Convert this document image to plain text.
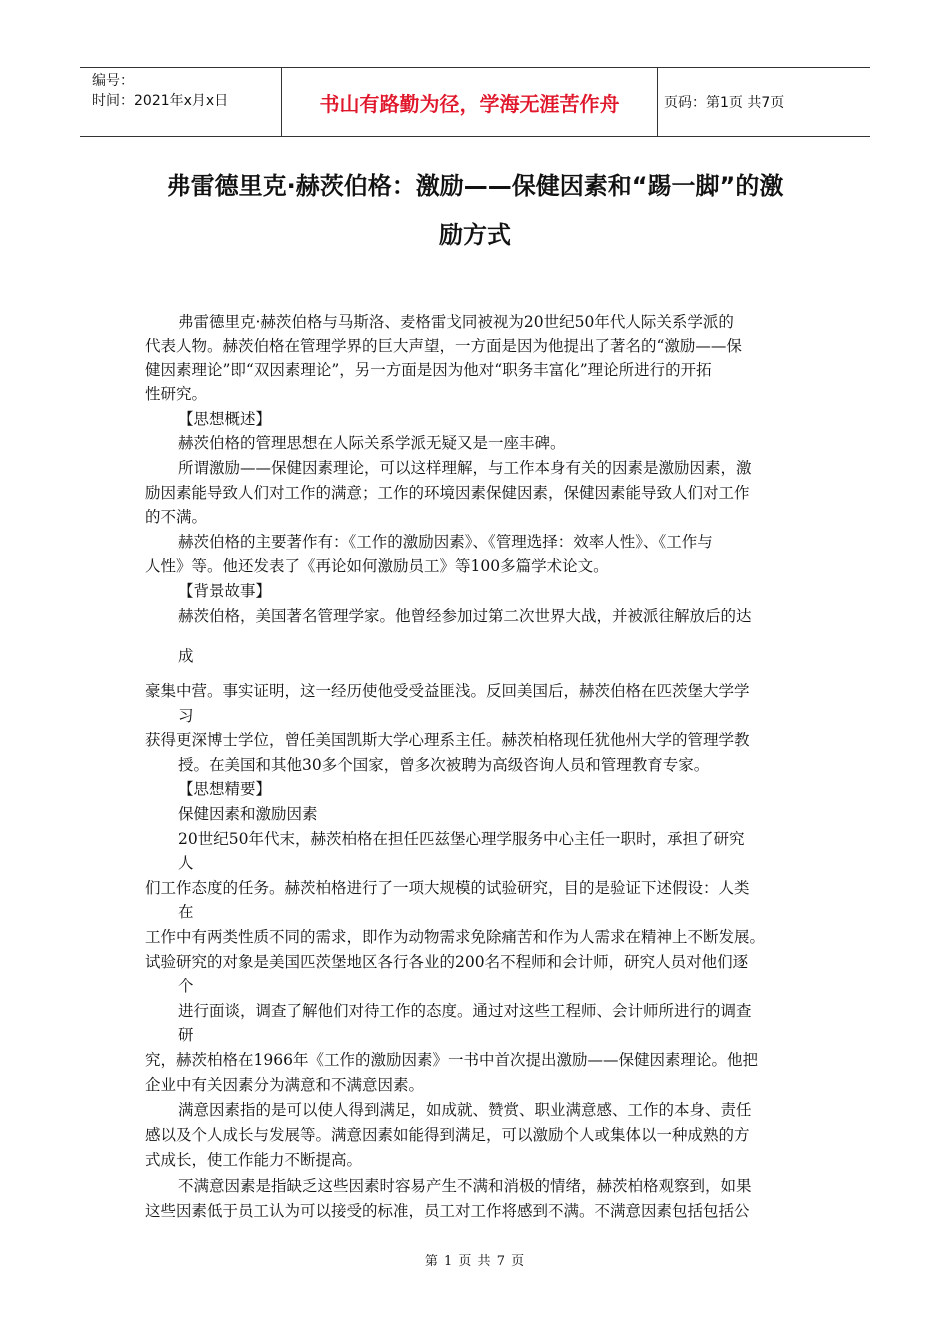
编号：
时间：2021年x月x日	书山有路勤为径，学海无涯苦作舟	页码：第1页 共7页
弗雷德里克·赫茨伯格：激励——保健因素和“踢一脚”的激
励方式
弗雷德里克·赫茨伯格与马斯洛、麦格雷戈同被视为20世纪50年代人际关系学派的
代表人物。赫茨伯格在管理学界的巨大声望，一方面是因为他提出了著名的“激励——保
健因素理论”即“双因素理论”，另一方面是因为他对“职务丰富化”理论所进行的开拓
性研究。
【思想概述】
赫茨伯格的管理思想在人际关系学派无疑又是一座丰碑。
所谓激励——保健因素理论，可以这样理解，与工作本身有关的因素是激励因素，激
励因素能导致人们对工作的满意；工作的环境因素保健因素，保健因素能导致人们对工作
的不满。
赫茨伯格的主要著作有：《工作的激励因素》、《管理选择：效率人性》、《工作与
人性》等。他还发表了《再论如何激励员工》等100多篇学术论文。
【背景故事】
赫茨伯格，美国著名管理学家。他曾经参加过第二次世界大战，并被派往解放后的达
成
豪集中营。事实证明，这一经历使他受受益匪浅。反回美国后，赫茨伯格在匹茨堡大学学
习
获得更深博士学位，曾任美国凯斯大学心理系主任。赫茨柏格现任犹他州大学的管理学教
授。在美国和其他30多个国家，曾多次被聘为高级咨询人员和管理教育专家。
【思想精要】
保健因素和激励因素
20世纪50年代末，赫茨柏格在担任匹兹堡心理学服务中心主任一职时，承担了研究
人
们工作态度的任务。赫茨柏格进行了一项大规模的试验研究，目的是验证下述假设：人类
在
工作中有两类性质不同的需求，即作为动物需求免除痛苦和作为人需求在精神上不断发展。
试验研究的对象是美国匹茨堡地区各行各业的200名不程师和会计师，研究人员对他们逐
个
进行面谈，调查了解他们对待工作的态度。通过对这些工程师、会计师所进行的调查
研
究，赫茨柏格在1966年《工作的激励因素》一书中首次提出激励——保健因素理论。他把
企业中有关因素分为满意和不满意因素。
满意因素指的是可以使人得到满足，如成就、赞赏、职业满意感、工作的本身、责任
感以及个人成长与发展等。满意因素如能得到满足，可以激励个人或集体以一种成熟的方
式成长，使工作能力不断提高。
不满意因素是指缺乏这些因素时容易产生不满和消极的情绪，赫茨柏格观察到，如果
这些因素低于员工认为可以接受的标准，员工对工作将感到不满。不满意因素包括包括公
第 1 页 共 7 页
